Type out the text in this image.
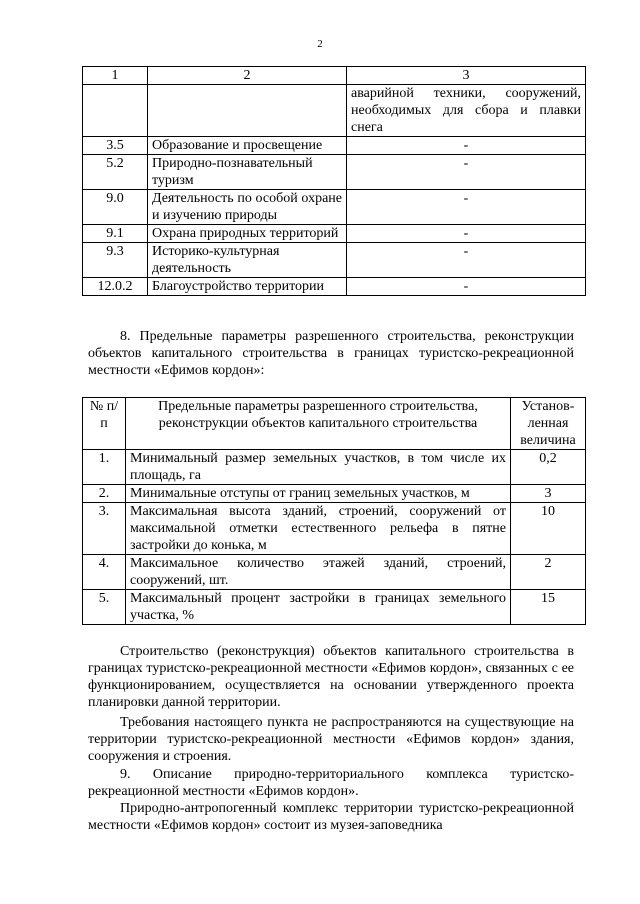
2
1	2	3
		аварийной техники, сооружений, необходимых для сбора и плавки снега
3.5	Образование и просвещение	-
5.2	Природно-познавательный туризм	-
9.0	Деятельность по особой охране и изучению природы	-
9.1	Охрана природных территорий	-
9.3	Историко-культурная деятельность	-
12.0.2	Благоустройство территории	-
8. Предельные параметры разрешенного строительства, реконструкции объектов капитального строительства в границах туристско-рекреационной местности «Ефимов кордон»:
№ п/п	Предельные параметры разрешенного строительства, реконструкции объектов капитального строительства	Установ-ленная величина
1.	Минимальный размер земельных участков, в том числе их площадь, га	0,2
2.	Минимальные отступы от границ земельных участков, м	3
3.	Максимальная высота зданий, строений, сооружений от максимальной отметки естественного рельефа в пятне застройки до конька, м	10
4.	Максимальное количество этажей зданий, строений, сооружений, шт.	2
5.	Максимальный процент застройки в границах земельного участка, %	15
Строительство (реконструкция) объектов капитального строительства в границах туристско-рекреационной местности «Ефимов кордон», связанных с ее функционированием, осуществляется на основании утвержденного проекта планировки данной территории.
Требования настоящего пункта не распространяются на существующие на территории туристско-рекреационной местности «Ефимов кордон» здания, сооружения и строения.
9. Описание природно-территориального комплекса туристско-рекреационной местности «Ефимов кордон».
Природно-антропогенный комплекс территории туристско-рекреационной местности «Ефимов кордон» состоит из музея-заповедника
